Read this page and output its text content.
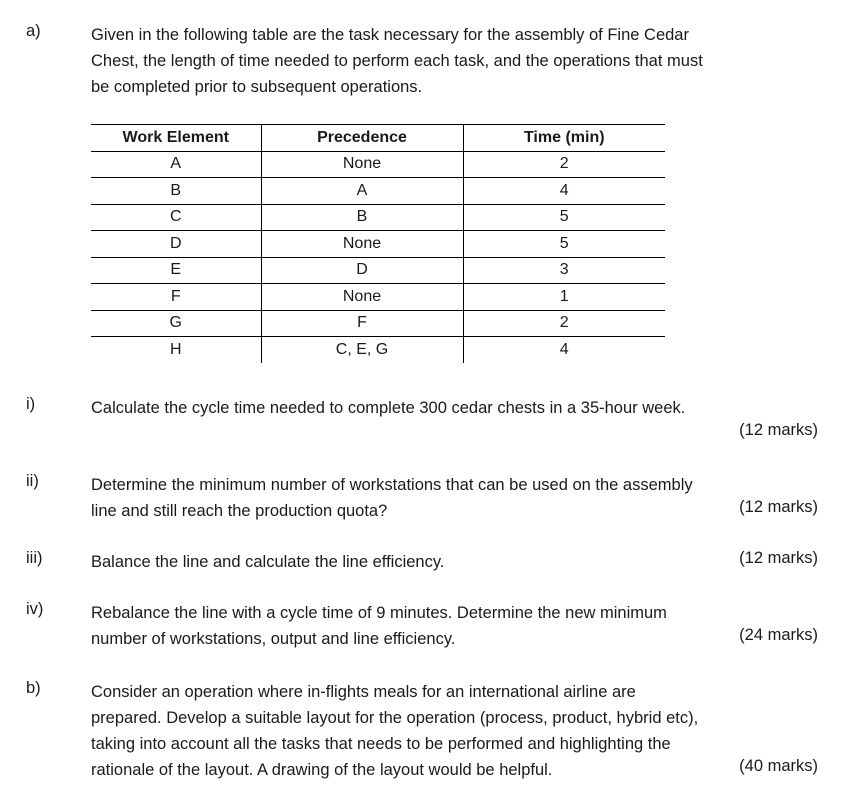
a)	Given in the following table are the task necessary for the assembly of Fine Cedar
Chest, the length of time needed to perform each task, and the operations that must
be completed prior to subsequent operations.
Work Element	Precedence	Time (min)
A	None	2
B	A	4
C	B	5
D	None	5
E	D	3
F	None	1
G	F	2
H	C, E, G	4
i)	Calculate the cycle time needed to complete 300 cedar chests in a 35-hour week.
(12 marks)
ii)	Determine the minimum number of workstations that can be used on the assembly
line and still reach the production quota?	(12 marks)
iii)	Balance the line and calculate the line efficiency.	(12 marks)
iv)	Rebalance the line with a cycle time of 9 minutes. Determine the new minimum
number of workstations, output and line efficiency.	(24 marks)
b)	Consider an operation where in-flights meals for an international airline are
prepared. Develop a suitable layout for the operation (process, product, hybrid etc),
taking into account all the tasks that needs to be performed and highlighting the
rationale of the layout. A drawing of the layout would be helpful.	(40 marks)
